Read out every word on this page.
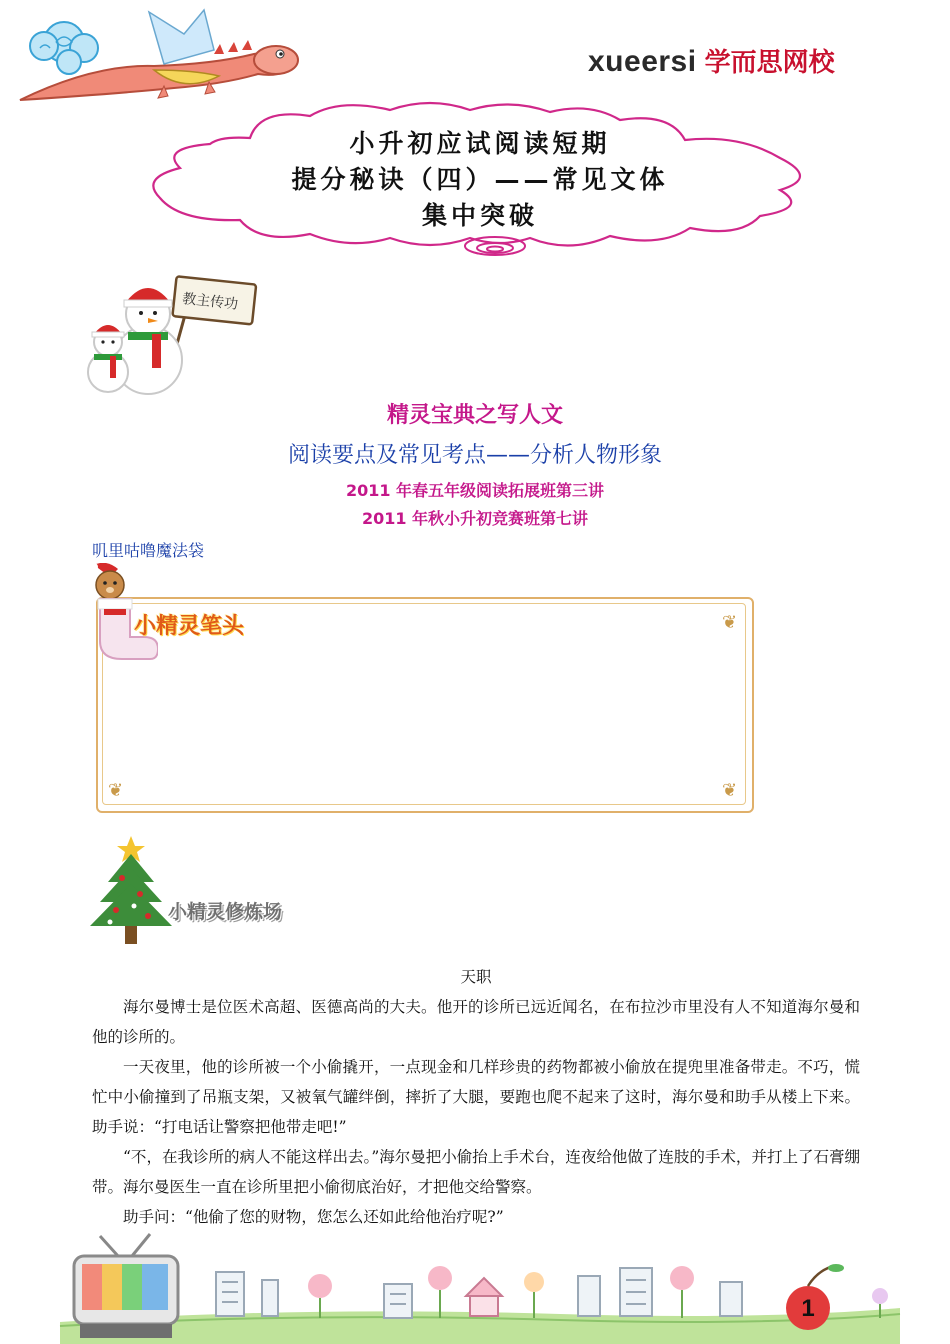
xueersi 学而思网校
小升初应试阅读短期
提分秘诀（四）——常见文体
集中突破
教主传功
精灵宝典之写人文
阅读要点及常见考点——分析人物形象
2011 年春五年级阅读拓展班第三讲
2011 年秋小升初竞赛班第七讲
叽里咕噜魔法袋
❦
❦	❦
小精灵笔头
小精灵修炼场
天职

海尔曼博士是位医术高超、医德高尚的大夫。他开的诊所已远近闻名，在布拉沙市里没有人不知道海尔曼和他的诊所的。

一天夜里，他的诊所被一个小偷撬开，一点现金和几样珍贵的药物都被小偷放在提兜里准备带走。不巧，慌忙中小偷撞到了吊瓶支架，又被氧气罐绊倒，摔折了大腿，要跑也爬不起来了这时，海尔曼和助手从楼上下来。助手说：“打电话让警察把他带走吧!”

“不，在我诊所的病人不能这样出去。”海尔曼把小偷抬上手术台，连夜给他做了连肢的手术，并打上了石膏绷带。海尔曼医生一直在诊所里把小偷彻底治好，才把他交给警察。

助手问：“他偷了您的财物，您怎么还如此给他治疗呢?”

1
